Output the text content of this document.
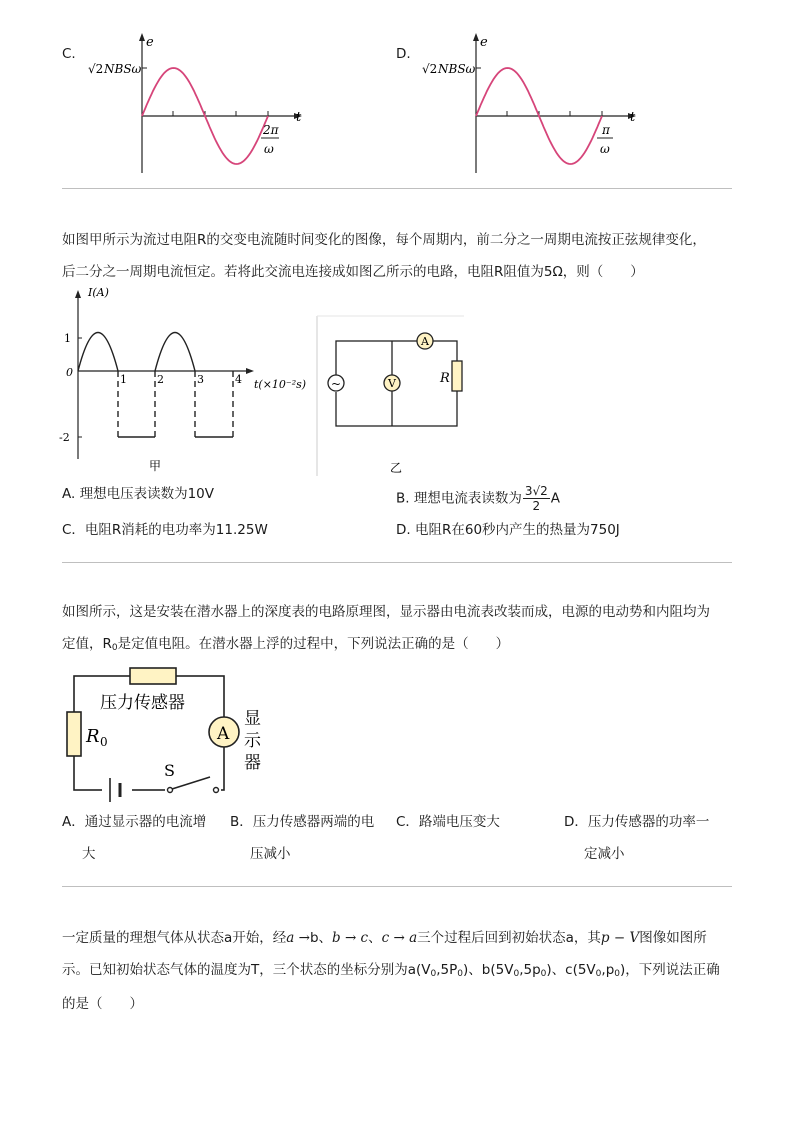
C.
e
t
√2 NBSω
2π
ω
D.
e
t
√2 NBSω
π
ω
如图甲所示为流过电阻R的交变电流随时间变化的图像，每个周期内，前二分之一周期电流按正弦规律变化，
后二分之一周期电流恒定。若将此交流电连接成如图乙所示的电路，电阻R阻值为5Ω，则（　　）
I(A)
t(×10⁻²s)
1
0
-2
1	2	3	4
甲
~	V
A
R
乙
A. 理想电压表读数为10V	B. 理想电流表读数为 $\frac{3√2}{2}$ A
C．电阻R消耗的电功率为11.25W	D. 电阻R在60秒内产生的热量为750J
如图所示，这是安装在潜水器上的深度表的电路原理图，显示器由电流表改装而成，电源的电动势和内阻均为
定值，$R_0$是定值电阻。在潜水器上浮的过程中，下列说法正确的是（　　）
A
S
压力传感器
R 0
显
示
器
A．通过显示器的电流增
大
B．压力传感器两端的电
压减小
C．路端电压变大	D．压力传感器的功率一
定减小
一定质量的理想气体从状态a开始，经a →b、b → c、c → a三个过程后回到初始状态a，其p − V图像如图所
示。已知初始状态气体的温度为T，三个状态的坐标分别为$a(V_0,5P_0)$、$b(5V_0,5p_0)$、$c(5V_0,p_0)$，下列说法正确
的是（　　）
